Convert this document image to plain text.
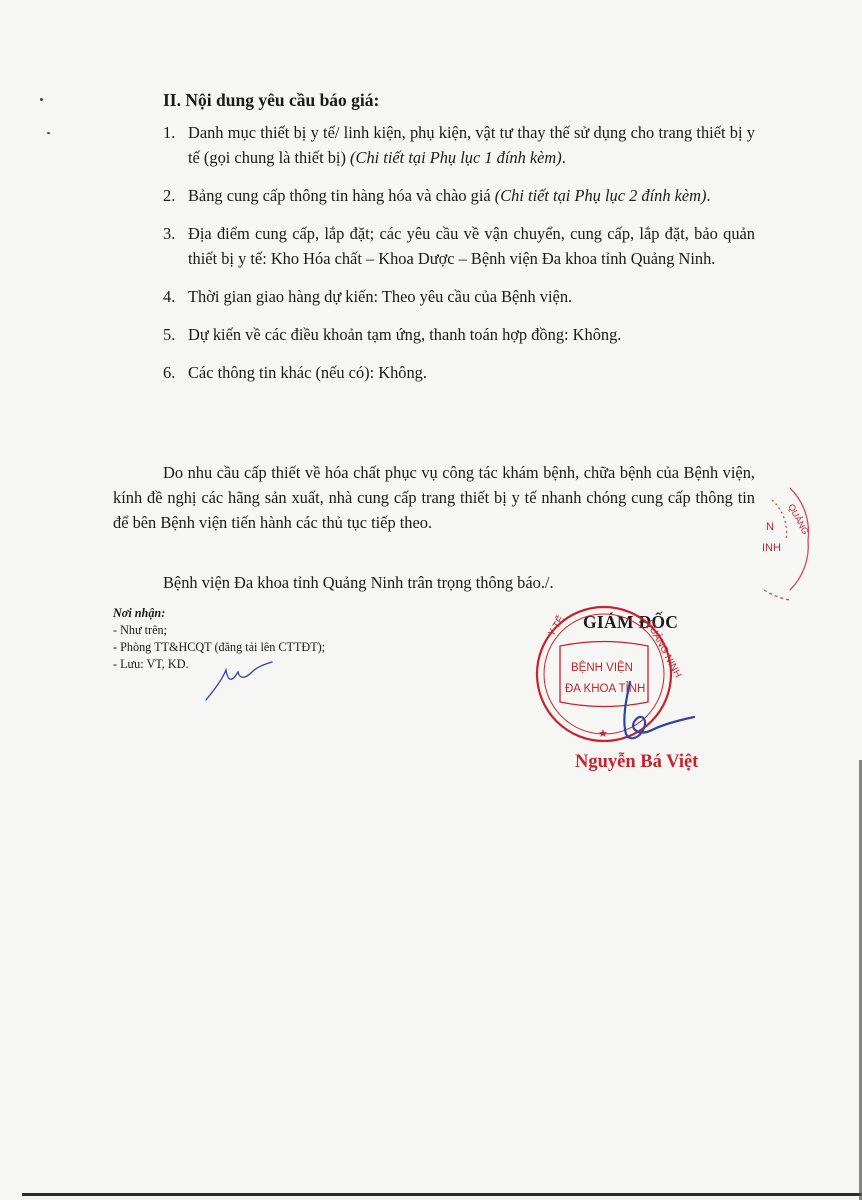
II. Nội dung yêu cầu báo giá:
1. Danh mục thiết bị y tế/ linh kiện, phụ kiện, vật tư thay thế sử dụng cho trang thiết bị y tế (gọi chung là thiết bị) (Chi tiết tại Phụ lục 1 đính kèm).
2. Bảng cung cấp thông tin hàng hóa và chào giá (Chi tiết tại Phụ lục 2 đính kèm).
3. Địa điểm cung cấp, lắp đặt; các yêu cầu về vận chuyển, cung cấp, lắp đặt, bảo quản thiết bị y tế: Kho Hóa chất – Khoa Dược – Bệnh viện Đa khoa tỉnh Quảng Ninh.
4. Thời gian giao hàng dự kiến: Theo yêu cầu của Bệnh viện.
5. Dự kiến về các điều khoản tạm ứng, thanh toán hợp đồng: Không.
6. Các thông tin khác (nếu có): Không.

Do nhu cầu cấp thiết về hóa chất phục vụ công tác khám bệnh, chữa bệnh của Bệnh viện, kính đề nghị các hãng sản xuất, nhà cung cấp trang thiết bị y tế nhanh chóng cung cấp thông tin để bên Bệnh viện tiến hành các thủ tục tiếp theo.

Bệnh viện Đa khoa tỉnh Quảng Ninh trân trọng thông báo./.

Nơi nhận:
- Như trên;
- Phòng TT&HCQT (đăng tải lên CTTĐT);
- Lưu: VT, KD.
GIÁM ĐỐC
QUẢNG
N
INH
BỆNH VIỆN
ĐA KHOA TỈNH
QUẢNG NINH
Y TẾ
★
Nguyễn Bá Việt
